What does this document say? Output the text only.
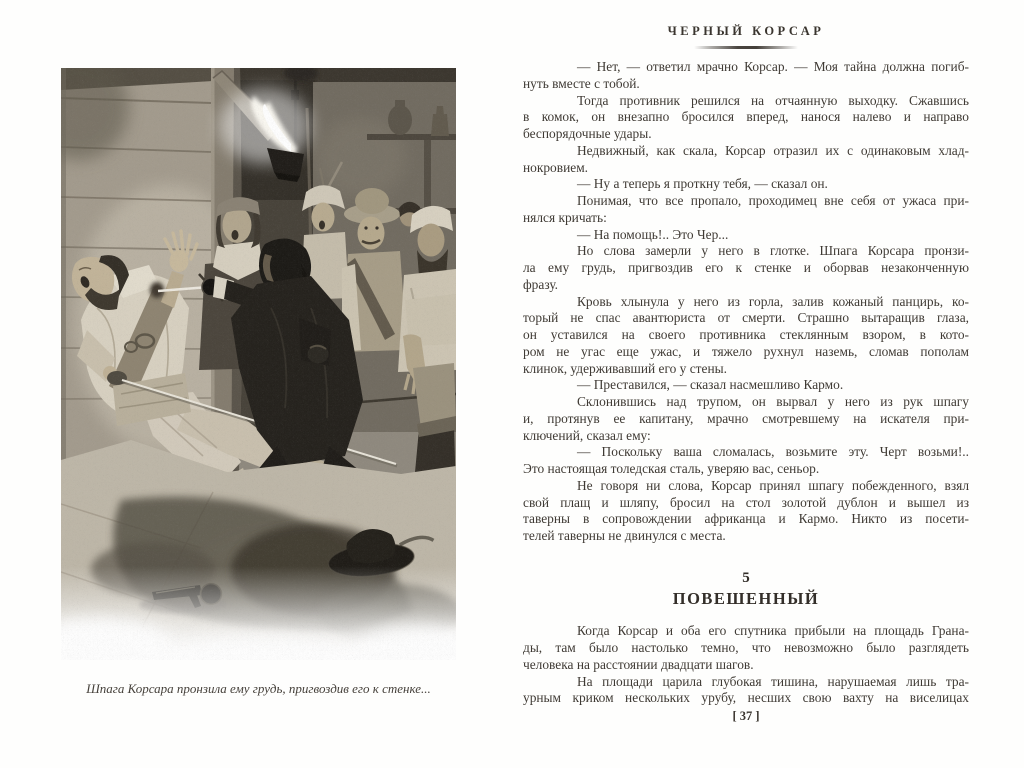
Шпага Корсара пронзила ему грудь, пригвоздив его к стенке...
ЧЕРНЫЙ КОРСАР

— Нет, — ответил мрачно Корсар. — Моя тайна должна погиб-
нуть вместе с тобой.

Тогда противник решился на отчаянную выходку. Сжавшись
в комок, он внезапно бросился вперед, нанося налево и направо
беспорядочные удары.

Недвижный, как скала, Корсар отразил их с одинаковым хлад-
нокровием.

— Ну а теперь я проткну тебя, — сказал он.

Понимая, что все пропало, проходимец вне себя от ужаса при-
нялся кричать:

— На помощь!.. Это Чер...

Но слова замерли у него в глотке. Шпага Корсара пронзи-
ла ему грудь, пригвоздив его к стенке и оборвав незаконченную
фразу.

Кровь хлынула у него из горла, залив кожаный панцирь, ко-
торый не спас авантюриста от смерти. Страшно вытаращив глаза,
он уставился на своего противника стеклянным взором, в кото-
ром не угас еще ужас, и тяжело рухнул наземь, сломав пополам
клинок, удерживавший его у стены.

— Преставился, — сказал насмешливо Кармо.

Склонившись над трупом, он вырвал у него из рук шпагу
и, протянув ее капитану, мрачно смотревшему на искателя при-
ключений, сказал ему:

— Поскольку ваша сломалась, возьмите эту. Черт возьми!..
Это настоящая толедская сталь, уверяю вас, сеньор.

Не говоря ни слова, Корсар принял шпагу побежденного, взял
свой плащ и шляпу, бросил на стол золотой дублон и вышел из
таверны в сопровождении африканца и Кармо. Никто из посети-
телей таверны не двинулся с места.

5
ПОВЕШЕННЫЙ

Когда Корсар и оба его спутника прибыли на площадь Грана-
ды, там было настолько темно, что невозможно было разглядеть
человека на расстоянии двадцати шагов.

На площади царила глубокая тишина, нарушаемая лишь тра-
урным криком нескольких урубу, несших свою вахту на виселицах

[ 37 ]
